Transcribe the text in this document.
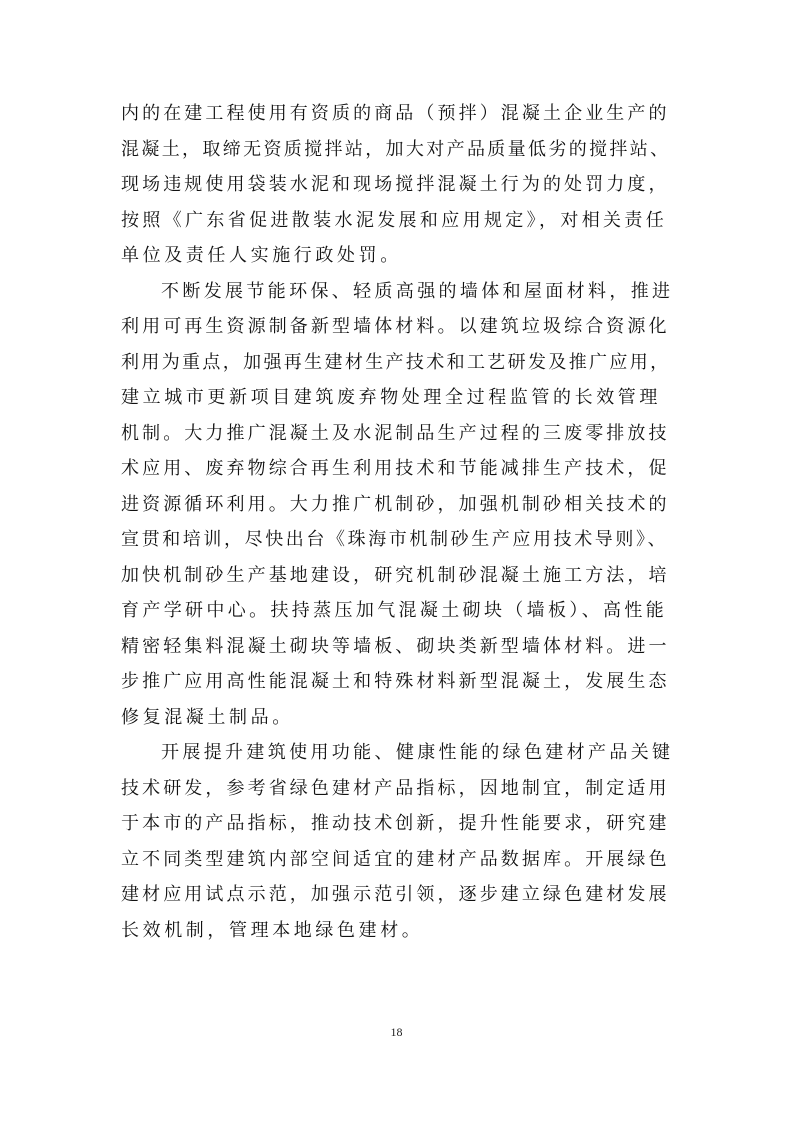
内的在建工程使用有资质的商品（预拌）混凝土企业生产的
混凝土，取缔无资质搅拌站，加大对产品质量低劣的搅拌站、
现场违规使用袋装水泥和现场搅拌混凝土行为的处罚力度，
按照《广东省促进散装水泥发展和应用规定》，对相关责任
单位及责任人实施行政处罚。
不断发展节能环保、轻质高强的墙体和屋面材料，推进
利用可再生资源制备新型墙体材料。以建筑垃圾综合资源化
利用为重点，加强再生建材生产技术和工艺研发及推广应用，
建立城市更新项目建筑废弃物处理全过程监管的长效管理
机制。大力推广混凝土及水泥制品生产过程的三废零排放技
术应用、废弃物综合再生利用技术和节能减排生产技术，促
进资源循环利用。大力推广机制砂，加强机制砂相关技术的
宣贯和培训，尽快出台《珠海市机制砂生产应用技术导则》、
加快机制砂生产基地建设，研究机制砂混凝土施工方法，培
育产学研中心。扶持蒸压加气混凝土砌块（墙板）、高性能
精密轻集料混凝土砌块等墙板、砌块类新型墙体材料。进一
步推广应用高性能混凝土和特殊材料新型混凝土，发展生态
修复混凝土制品。
开展提升建筑使用功能、健康性能的绿色建材产品关键
技术研发，参考省绿色建材产品指标，因地制宜，制定适用
于本市的产品指标，推动技术创新，提升性能要求，研究建
立不同类型建筑内部空间适宜的建材产品数据库。开展绿色
建材应用试点示范，加强示范引领，逐步建立绿色建材发展
长效机制，管理本地绿色建材。
18
